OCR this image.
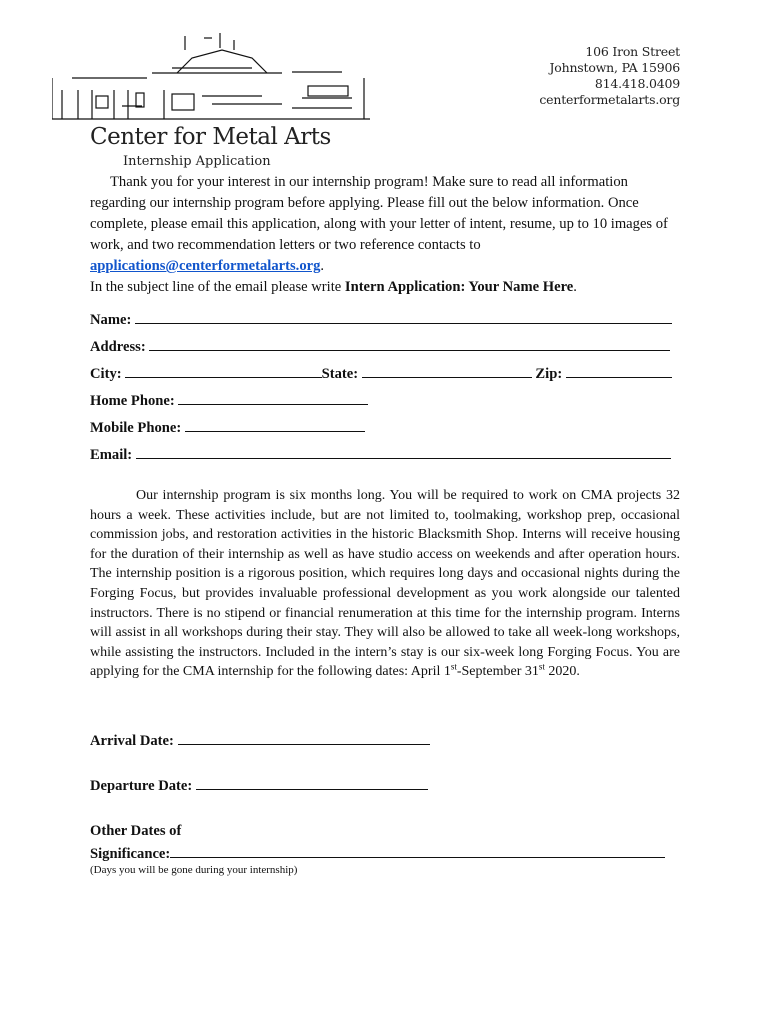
106 Iron Street
Johnstown, PA 15906
814.418.0409
centerformetalarts.org
Center for Metal Arts
Internship Application

Thank you for your interest in our internship program! Make sure to read all information regarding our internship program before applying. Please fill out the below information. Once complete, please email this application, along with your letter of intent, resume, up to 10 images of work, and two recommendation letters or two reference contacts to applications@centerformetalarts.org.

In the subject line of the email please write Intern Application: Your Name Here.

Name:
Address:
City:	State:	Zip:
Home Phone:
Mobile Phone:
Email:

Our internship program is six months long. You will be required to work on CMA projects 32 hours a week. These activities include, but are not limited to, toolmaking, workshop prep, occasional commission jobs, and restoration activities in the historic Blacksmith Shop. Interns will receive housing for the duration of their internship as well as have studio access on weekends and after operation hours. The internship position is a rigorous position, which requires long days and occasional nights during the Forging Focus, but provides invaluable professional development as you work alongside our talented instructors. There is no stipend or financial renumeration at this time for the internship program. Interns will assist in all workshops during their stay. They will also be allowed to take all week-long workshops, while assisting the instructors. Included in the intern’s stay is our six-week long Forging Focus. You are applying for the CMA internship for the following dates: April 1st-September 31st 2020.

Arrival Date:
Departure Date:
Other Dates of
Significance:
(Days you will be gone during your internship)
